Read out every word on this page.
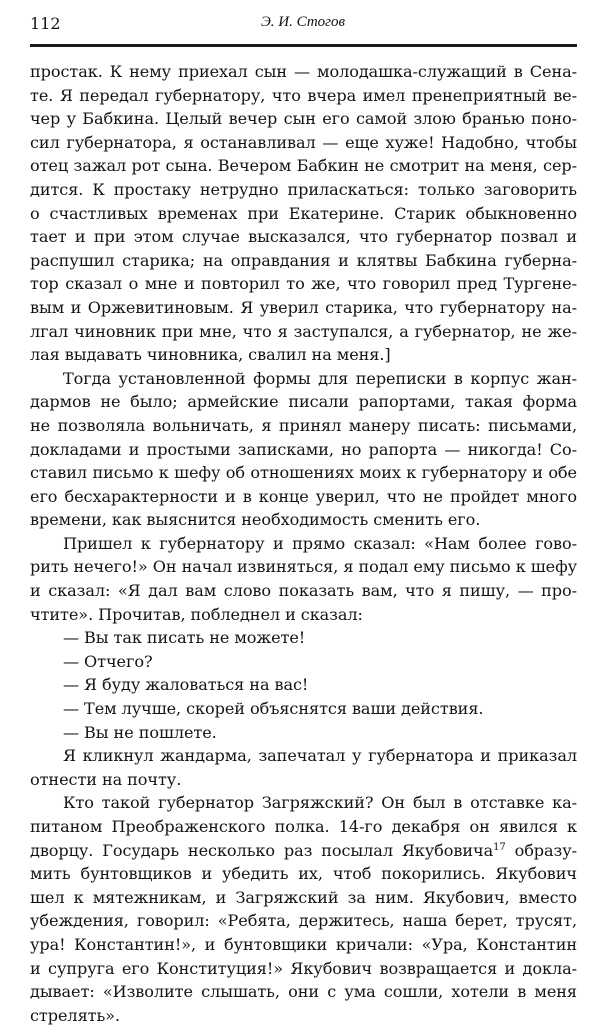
112	Э. И. Стогов
простак. К нему приехал сын — молодашка-служащий в Сена-
те. Я передал губернатору, что вчера имел пренеприятный ве-
чер у Бабкина. Целый вечер сын его самой злою бранью поно-
сил губернатора, я останавливал — еще хуже! Надобно, чтобы
отец зажал рот сына. Вечером Бабкин не смотрит на меня, сер-
дится. К простаку нетрудно приласкаться: только заговорить
о счастливых временах при Екатерине. Старик обыкновенно
тает и при этом случае высказался, что губернатор позвал и
распушил старика; на оправдания и клятвы Бабкина губерна-
тор сказал о мне и повторил то же, что говорил пред Тургене-
вым и Оржевитиновым. Я уверил старика, что губернатору на-
лгал чиновник при мне, что я заступался, а губернатор, не же-
лая выдавать чиновника, свалил на меня.]
Тогда установленной формы для переписки в корпус жан-
дармов не было; армейские писали рапортами, такая форма
не позволяла вольничать, я принял манеру писать: письмами,
докладами и простыми записками, но рапорта — никогда! Со-
ставил письмо к шефу об отношениях моих к губернатору и обе
его бесхарактерности и в конце уверил, что не пройдет много
времени, как выяснится необходимость сменить его.
Пришел к губернатору и прямо сказал: «Нам более гово-
рить нечего!» Он начал извиняться, я подал ему письмо к шефу
и сказал: «Я дал вам слово показать вам, что я пишу, — про-
чтите». Прочитав, побледнел и сказал:
— Вы так писать не можете!
— Отчего?
— Я буду жаловаться на вас!
— Тем лучше, скорей объяснятся ваши действия.
— Вы не пошлете.
Я кликнул жандарма, запечатал у губернатора и приказал
отнести на почту.
Кто такой губернатор Загряжский? Он был в отставке ка-
питаном Преображенского полка. 14-го декабря он явился к
дворцу. Государь несколько раз посылал Якубовича$^{17}$ образу-
мить бунтовщиков и убедить их, чтоб покорились. Якубович
шел к мятежникам, и Загряжский за ним. Якубович, вместо
убеждения, говорил: «Ребята, держитесь, наша берет, трусят,
ура! Константин!», и бунтовщики кричали: «Ура, Константин
и супруга его Конституция!» Якубович возвращается и доклa-
дывает: «Изволите слышать, они с ума сошли, хотели в меня
стрелять».
